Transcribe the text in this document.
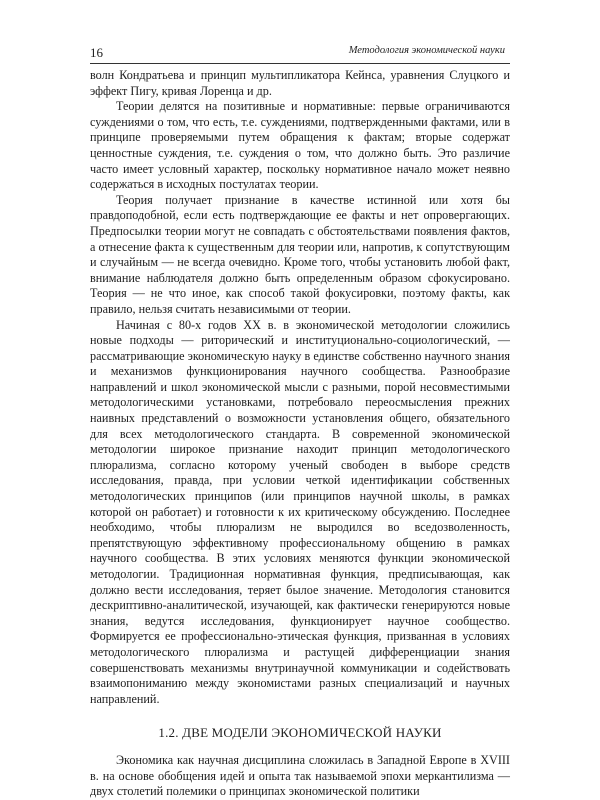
16	Методология экономической науки

волн Кондратьева и принцип мультипликатора Кейнса, уравнения Слуцкого и эффект Пигу, кривая Лоренца и др.

Теории делятся на позитивные и нормативные: первые ограничиваются суждениями о том, что есть, т.е. суждениями, подтвержденными фактами, или в принципе проверяемыми путем обращения к фактам; вторые содержат ценностные суждения, т.е. суждения о том, что должно быть. Это различие часто имеет условный характер, поскольку нормативное начало может неявно содержаться в исходных постулатах теории.

Теория получает признание в качестве истинной или хотя бы правдоподобной, если есть подтверждающие ее факты и нет опровергающих. Предпосылки теории могут не совпадать с обстоятельствами появления фактов, а отнесение факта к существенным для теории или, напротив, к сопутствующим и случайным — не всегда очевидно. Кроме того, чтобы установить любой факт, внимание наблюдателя должно быть определенным образом сфокусировано. Теория — не что иное, как способ такой фокусировки, поэтому факты, как правило, нельзя считать независимыми от теории.

Начиная с 80-х годов XX в. в экономической методологии сложились новые подходы — риторический и институционально-социологический, — рассматривающие экономическую науку в единстве собственно научного знания и механизмов функционирования научного сообщества. Разнообразие направлений и школ экономической мысли с разными, порой несовместимыми методологическими установками, потребовало переосмысления прежних наивных представлений о возможности установления общего, обязательного для всех методологического стандарта. В современной экономической методологии широкое признание находит принцип методологического плюрализма, согласно которому ученый свободен в выборе средств исследования, правда, при условии четкой идентификации собственных методологических принципов (или принципов научной школы, в рамках которой он работает) и готовности к их критическому обсуждению. Последнее необходимо, чтобы плюрализм не выродился во вседозволенность, препятствующую эффективному профессиональному общению в рамках научного сообщества. В этих условиях меняются функции экономической методологии. Традиционная нормативная функция, предписывающая, как должно вести исследования, теряет былое значение. Методология становится дескриптивно-аналитической, изучающей, как фактически генерируются новые знания, ведутся исследования, функционирует научное сообщество. Формируется ее профессионально-этическая функция, призванная в условиях методологического плюрализма и растущей дифференциации знания совершенствовать механизмы внутринаучной коммуникации и содействовать взаимопониманию между экономистами разных специализаций и научных направлений.

1.2. ДВЕ МОДЕЛИ ЭКОНОМИЧЕСКОЙ НАУКИ

Экономика как научная дисциплина сложилась в Западной Европе в XVIII в. на основе обобщения идей и опыта так называемой эпохи меркантилизма — двух столетий полемики о принципах экономической политики
